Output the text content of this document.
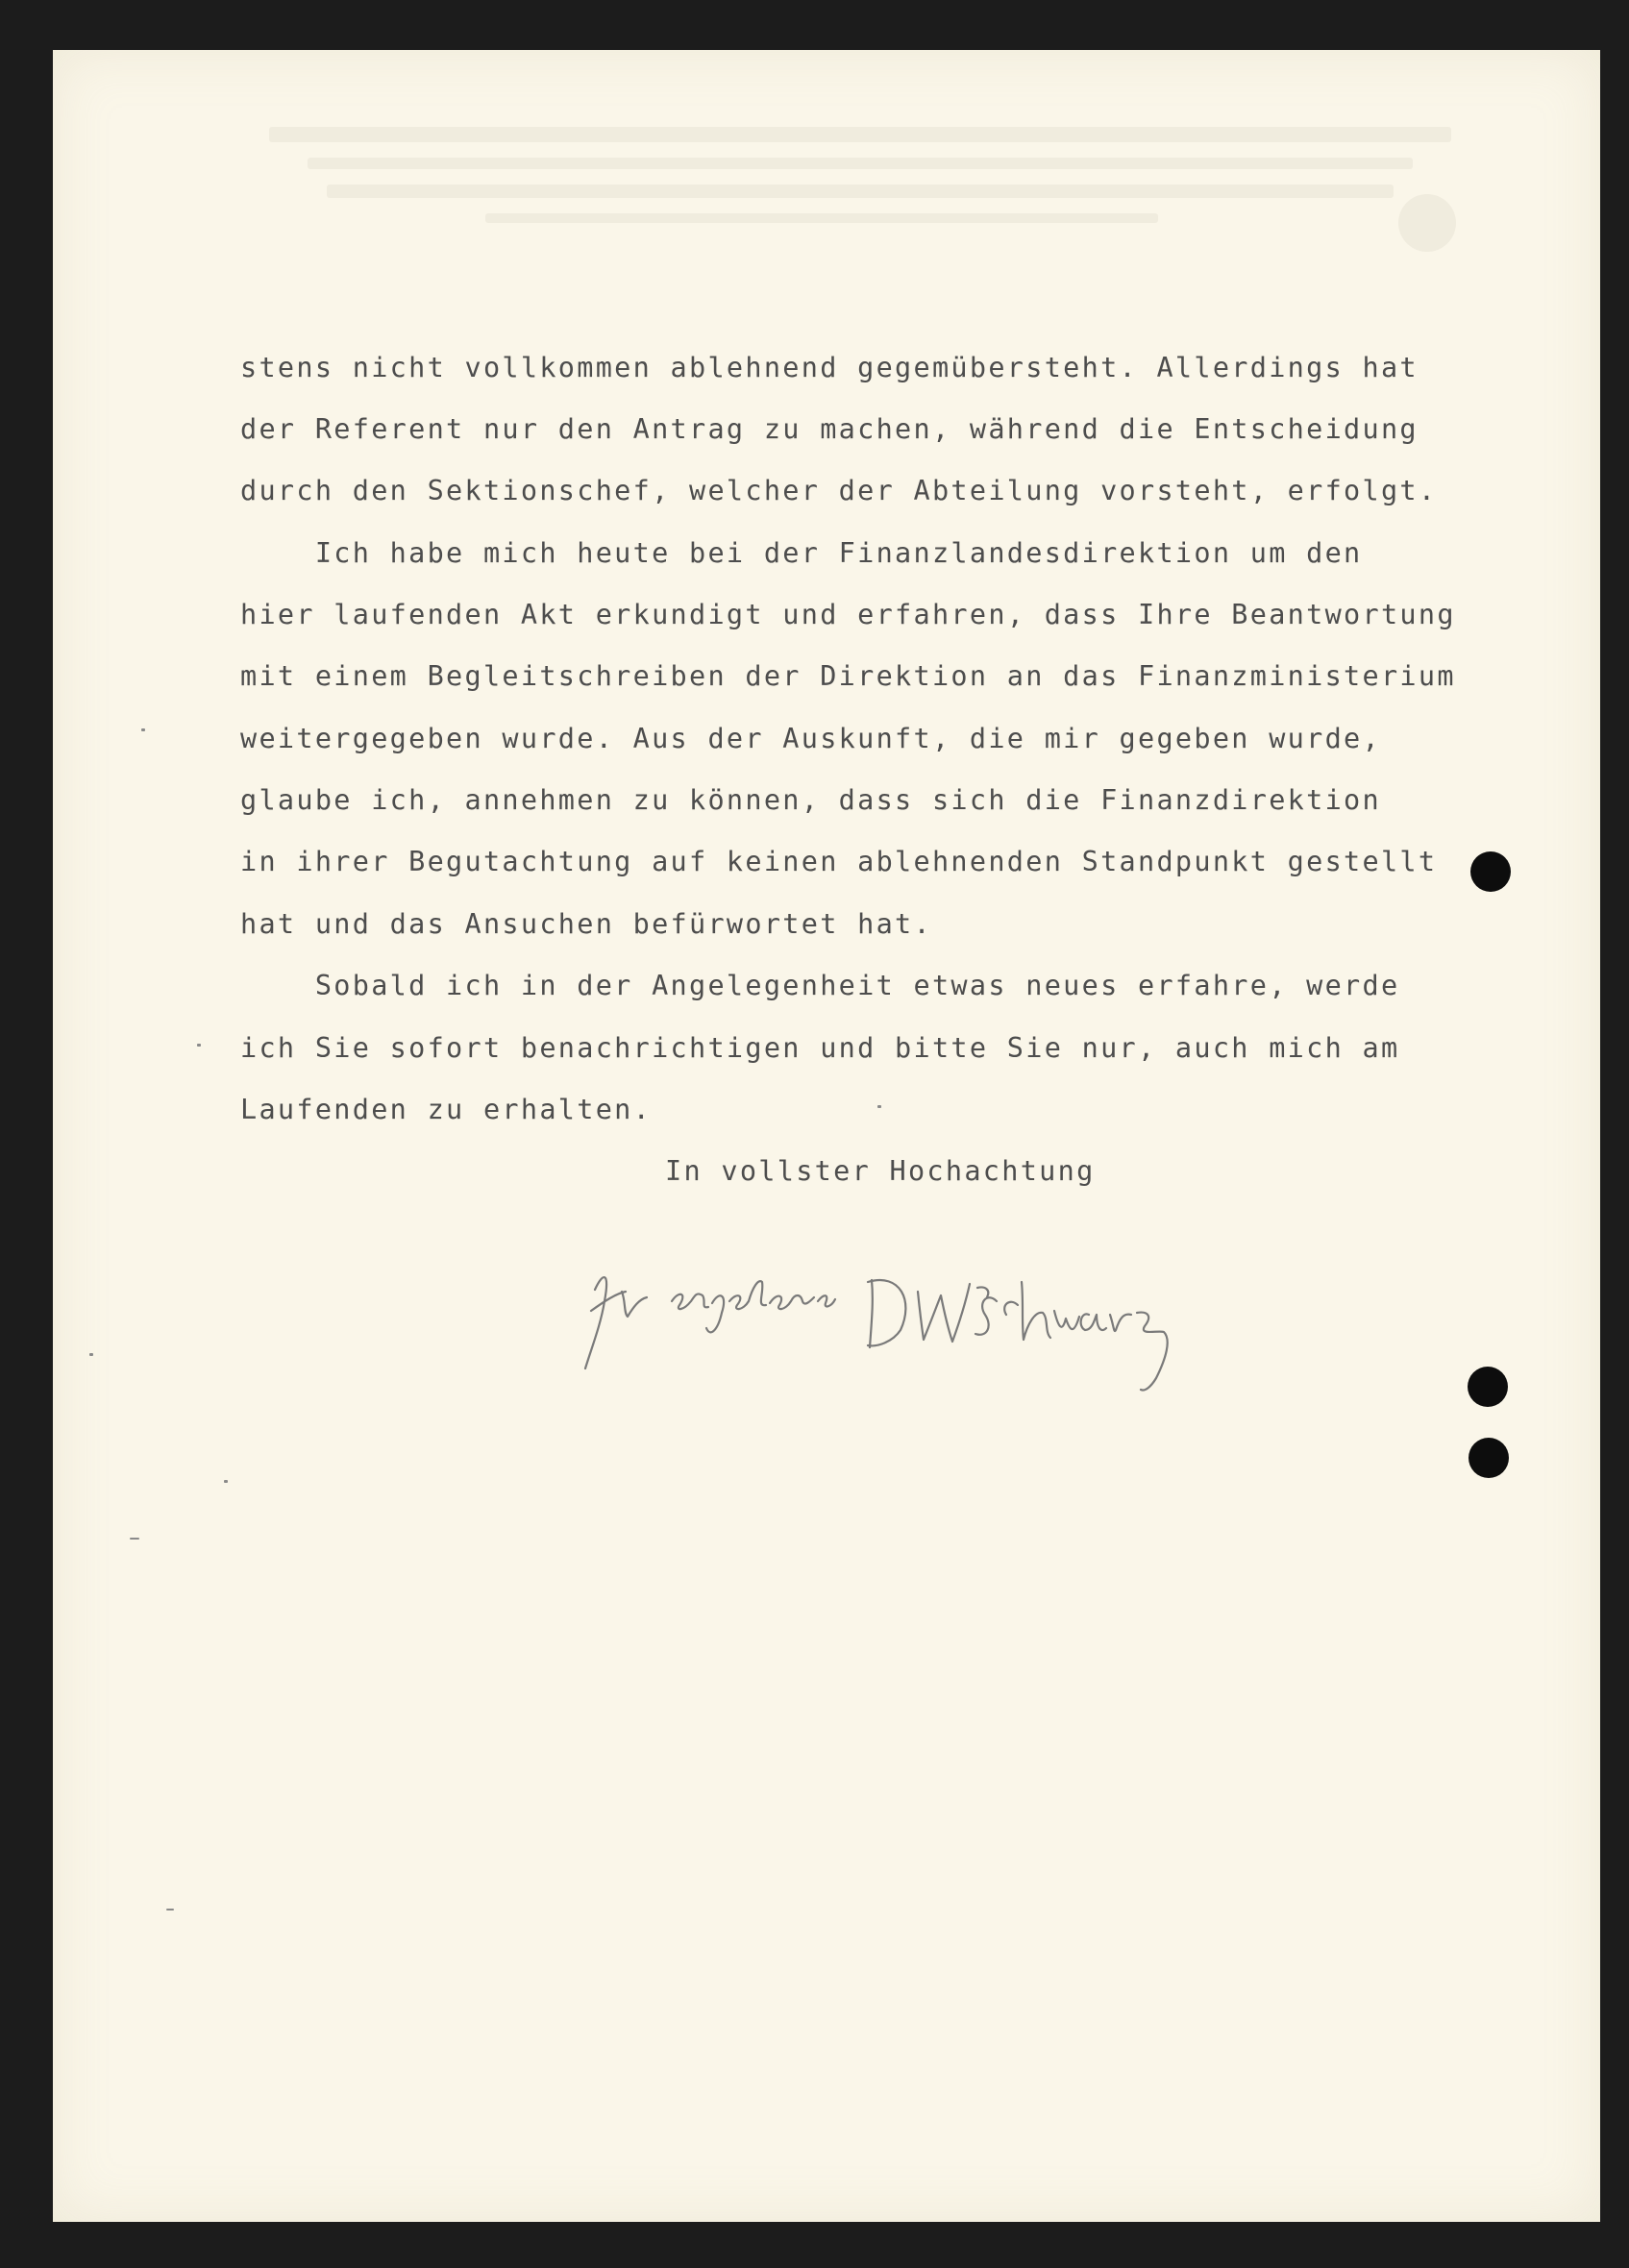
stens nicht vollkommen ablehnend gegemübersteht. Allerdings hat
der Referent nur den Antrag zu machen, während die Entscheidung
durch den Sektionschef, welcher der Abteilung vorsteht, erfolgt.
Ich habe mich heute bei der Finanzlandesdirektion um den
hier laufenden Akt erkundigt und erfahren, dass Ihre Beantwortung
mit einem Begleitschreiben der Direktion an das Finanzministerium
weitergegeben wurde. Aus der Auskunft, die mir gegeben wurde,
glaube ich, annehmen zu können, dass sich die Finanzdirektion
in ihrer Begutachtung auf keinen ablehnenden Standpunkt gestellt
hat und das Ansuchen befürwortet hat.
Sobald ich in der Angelegenheit etwas neues erfahre, werde
ich Sie sofort benachrichtigen und bitte Sie nur, auch mich am
Laufenden zu erhalten.
In vollster Hochachtung
